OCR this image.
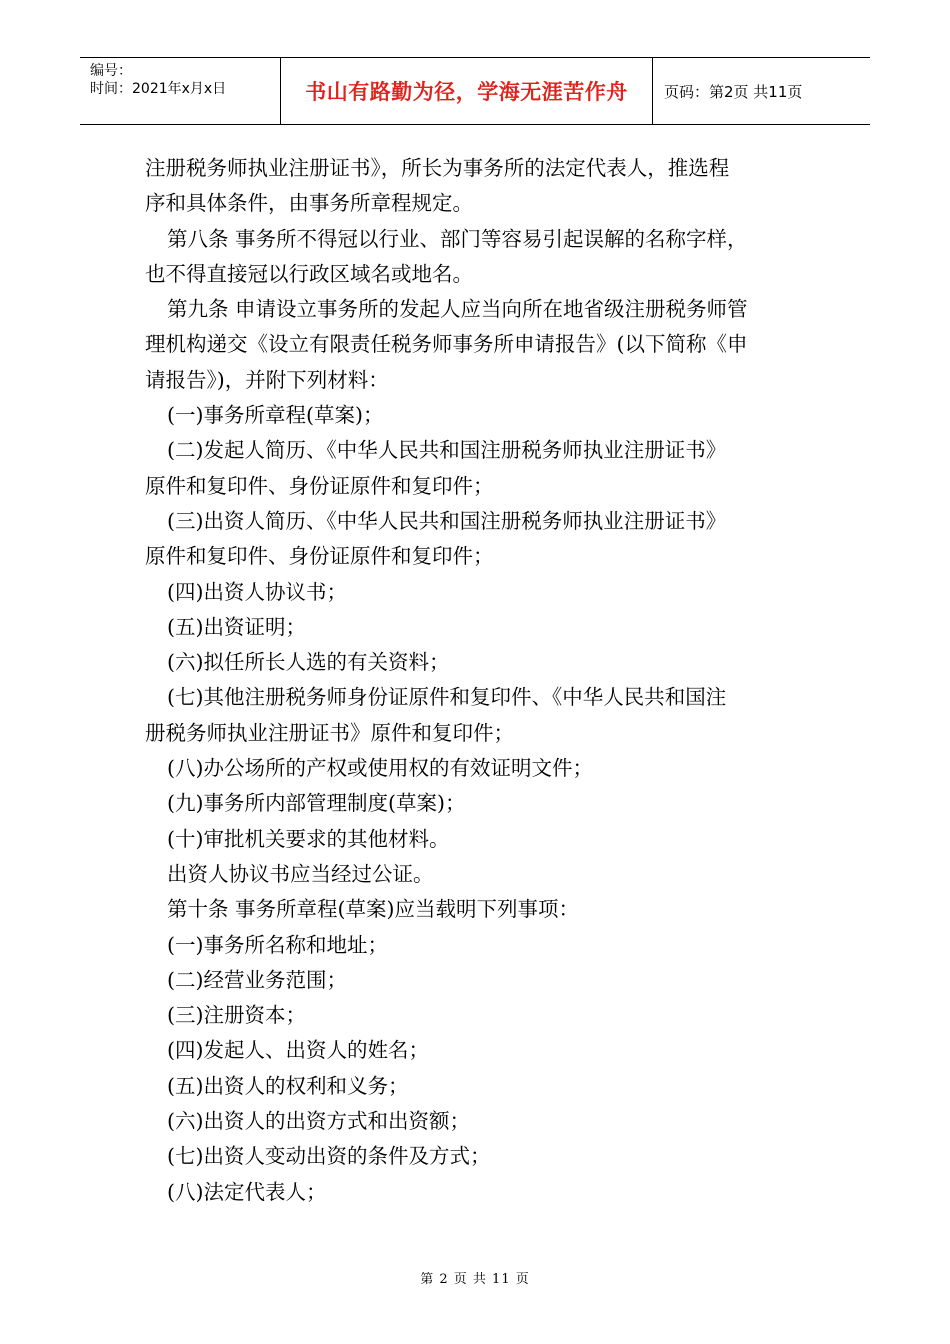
编号：
时间：2021年x月x日	书山有路勤为径，学海无涯苦作舟 页码：第2页 共11页

注册税务师执业注册证书》，所长为事务所的法定代表人，推选程

序和具体条件，由事务所章程规定。

第八条 事务所不得冠以行业、部门等容易引起误解的名称字样，

也不得直接冠以行政区域名或地名。

第九条 申请设立事务所的发起人应当向所在地省级注册税务师管

理机构递交《设立有限责任税务师事务所申请报告》(以下简称《申

请报告》)，并附下列材料：

(一)事务所章程(草案)；

(二)发起人简历、《中华人民共和国注册税务师执业注册证书》

原件和复印件、身份证原件和复印件；

(三)出资人简历、《中华人民共和国注册税务师执业注册证书》

原件和复印件、身份证原件和复印件；

(四)出资人协议书；

(五)出资证明；

(六)拟任所长人选的有关资料；

(七)其他注册税务师身份证原件和复印件、《中华人民共和国注

册税务师执业注册证书》原件和复印件；

(八)办公场所的产权或使用权的有效证明文件；

(九)事务所内部管理制度(草案)；

(十)审批机关要求的其他材料。

出资人协议书应当经过公证。

第十条 事务所章程(草案)应当载明下列事项：

(一)事务所名称和地址；

(二)经营业务范围；

(三)注册资本；

(四)发起人、出资人的姓名；

(五)出资人的权利和义务；

(六)出资人的出资方式和出资额；

(七)出资人变动出资的条件及方式；

(八)法定代表人；

第 2 页 共 11 页
